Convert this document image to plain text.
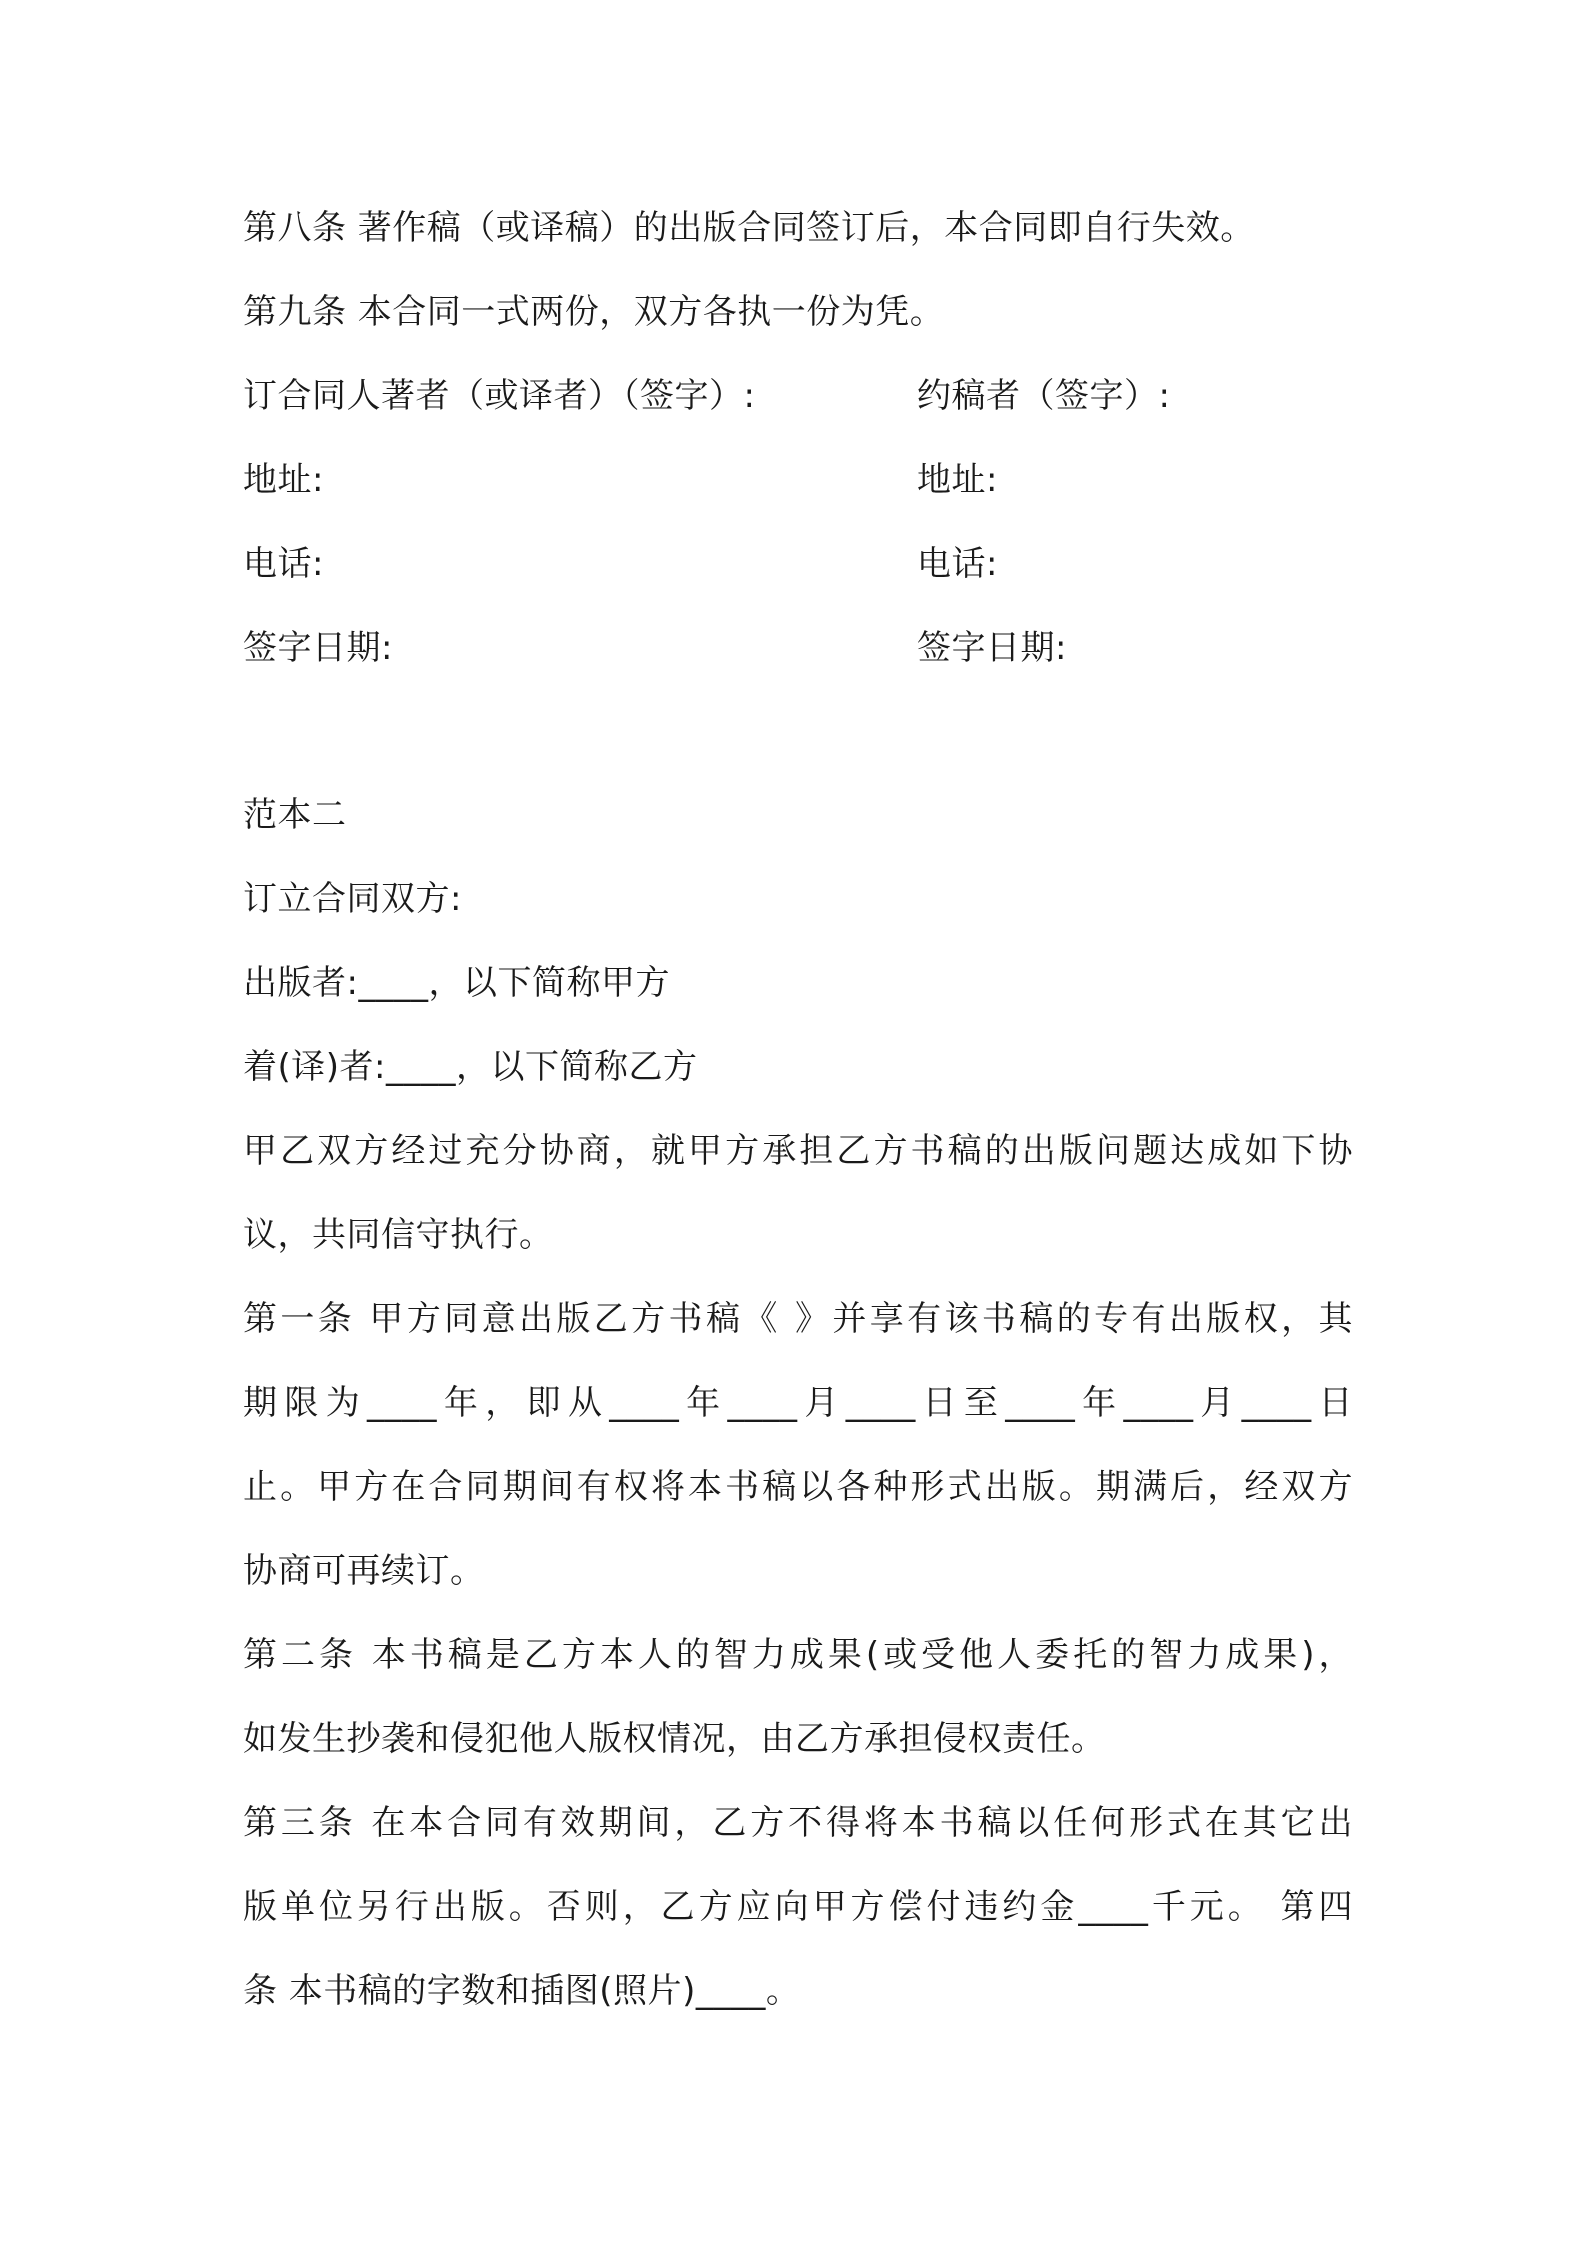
第八条 著作稿（或译稿）的出版合同签订后，本合同即自行失效。
第九条 本合同一式两份，双方各执一份为凭。
订合同人著者（或译者）（签字）:	约稿者（签字）:
地址:	地址:
电话:	电话:
签字日期:	签字日期:
范本二
订立合同双方:
出版者:____，以下简称甲方
着(译)者:____，以下简称乙方
甲乙双方经过充分协商，就甲方承担乙方书稿的出版问题达成如下协
议，共同信守执行。
第一条 甲方同意出版乙方书稿《 》并享有该书稿的专有出版权，其
期限为____年，即从____年____月____日至____年____月____日
止。甲方在合同期间有权将本书稿以各种形式出版。期满后，经双方
协商可再续订。
第二条 本书稿是乙方本人的智力成果(或受他人委托的智力成果)，
如发生抄袭和侵犯他人版权情况，由乙方承担侵权责任。
第三条 在本合同有效期间，乙方不得将本书稿以任何形式在其它出
版单位另行出版。否则，乙方应向甲方偿付违约金____千元。 第四
条 本书稿的字数和插图(照片)____。
